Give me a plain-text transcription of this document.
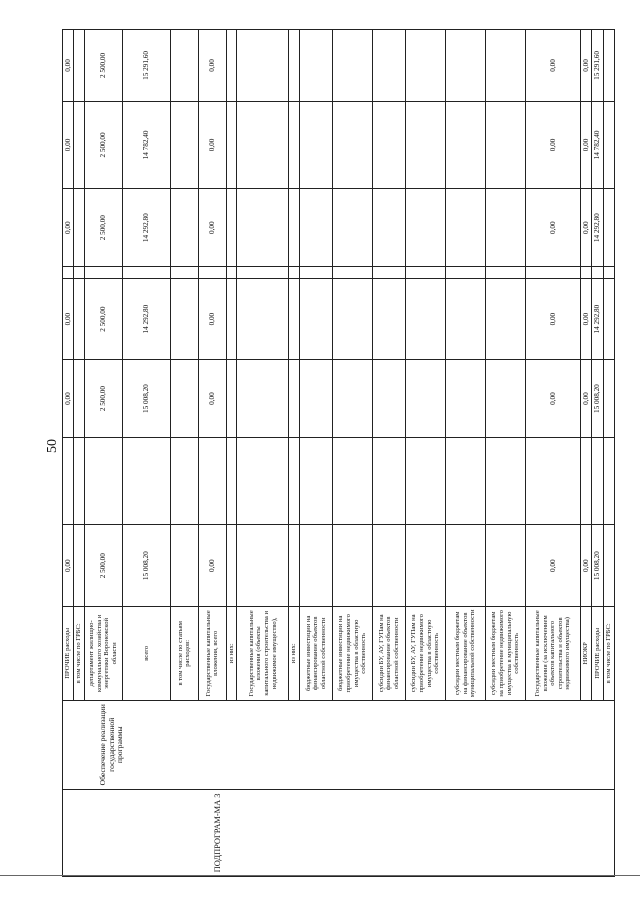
50
ПОДПРОГРАМ-МА 3	Обеспечение реализации государственной программы	ПРОЧИЕ расходы	0,00		0,00	0,00		0,00	0,00	0,00
		в том числе по ГРБС:								
		департамент жилищно-коммунального хозяйства и энергетики Воронежской области	2 500,00		2 500,00	2 500,00		2 500,00	2 500,00	2 500,00
		всего	15 008,20		15 008,20	14 292,80		14 292,80	14 782,40	15 291,60
		в том числе по статьям расходов:								
		Государственные капитальные вложения, всего	0,00		0,00	0,00		0,00	0,00	0,00
		из них:								
		Государственные капитальные вложения (объекты капитального строительства и недвижимое имущество),								
		из них:								
		бюджетные инвестиции на финансирование объектов областной собственности								
		бюджетные инвестиции на приобретение недвижимого имущества в областную собственность								
		субсидии БУ, АУ, ГУПам на финансирование объектов областной собственности								
		субсидии БУ, АУ, ГУПам на приобретение недвижимого имущества в областную собственность								
		субсидии местным бюджетам на финансирование объектов муниципальной собственности								
		субсидии местным бюджетам на приобретение недвижимого имущества в муниципальную собственность								
		Государственные капитальные вложения (за исключением объектов капитального строительства и объектов недвижимого имущества)	0,00		0,00	0,00		0,00	0,00	0,00
		НИОКР	0,00		0,00	0,00		0,00	0,00	0,00
		ПРОЧИЕ расходы	15 008,20		15 008,20	14 292,80		14 292,80	14 782,40	15 291,60
		в том числе по ГРБС:								
